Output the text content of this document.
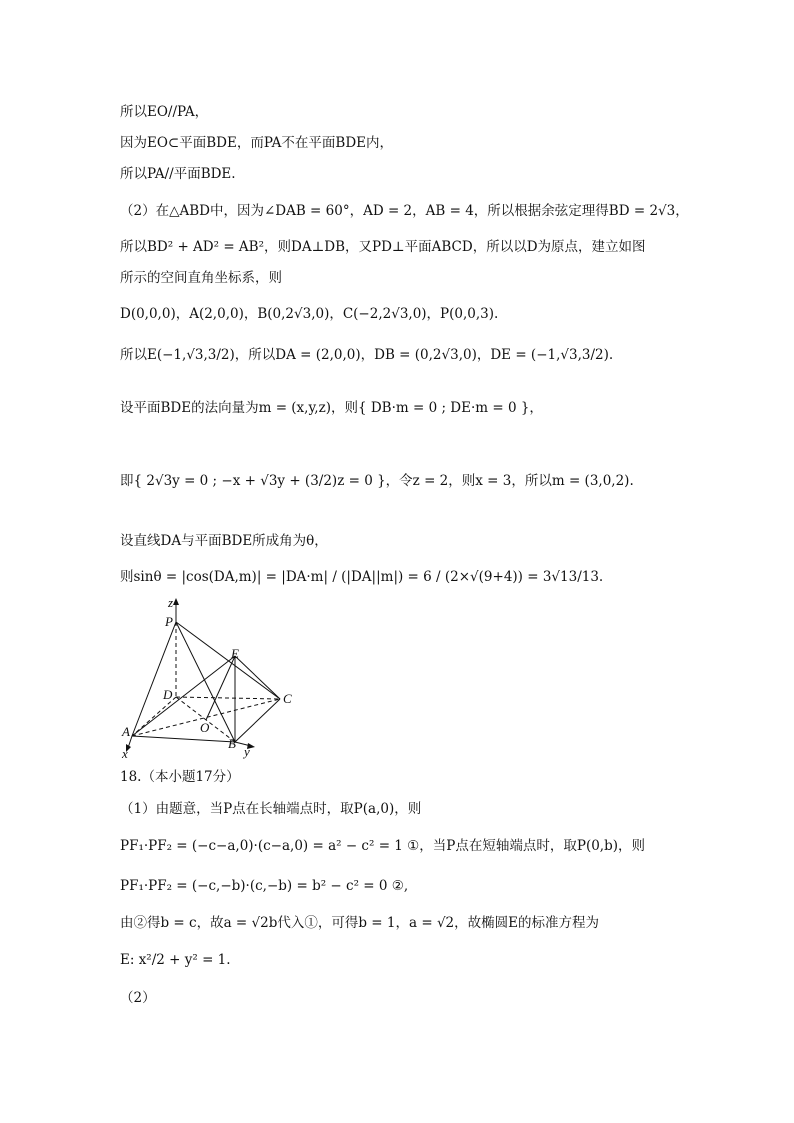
所以EO//PA，
因为EO⊂平面BDE，而PA不在平面BDE内，
所以PA//平面BDE.
（2）在△ABD中，因为∠DAB = 60°，AD = 2，AB = 4，所以根据余弦定理得BD = 2√3，
所以BD² + AD² = AB²，则DA⊥DB，又PD⊥平面ABCD，所以以D为原点，建立如图
所示的空间直角坐标系，则
D(0,0,0)，A(2,0,0)，B(0,2√3,0)，C(−2,2√3,0)，P(0,0,3).
所以E(−1,√3,3/2)，所以DA = (2,0,0)，DB = (0,2√3,0)，DE = (−1,√3,3/2).
设平面BDE的法向量为m = (x,y,z)，则{ DB·m = 0 ; DE·m = 0 }，
即{ 2√3y = 0 ; −x + √3y + (3/2)z = 0 }，令z = 2，则x = 3，所以m = (3,0,2).
设直线DA与平面BDE所成角为θ，
则sinθ = |cos(DA,m)| = |DA·m| / (|DA||m|) = 6 / (2×√(9+4)) = 3√13/13.
z
P
E
D	C
O
A
B
x	y
18.（本小题17分）
（1）由题意，当P点在长轴端点时，取P(a,0)，则
PF₁·PF₂ = (−c−a,0)·(c−a,0) = a² − c² = 1 ①，当P点在短轴端点时，取P(0,b)，则
PF₁·PF₂ = (−c,−b)·(c,−b) = b² − c² = 0 ②,
由②得b = c，故a = √2b代入①，可得b = 1，a = √2，故椭圆E的标准方程为
E: x²/2 + y² = 1.
（2）
